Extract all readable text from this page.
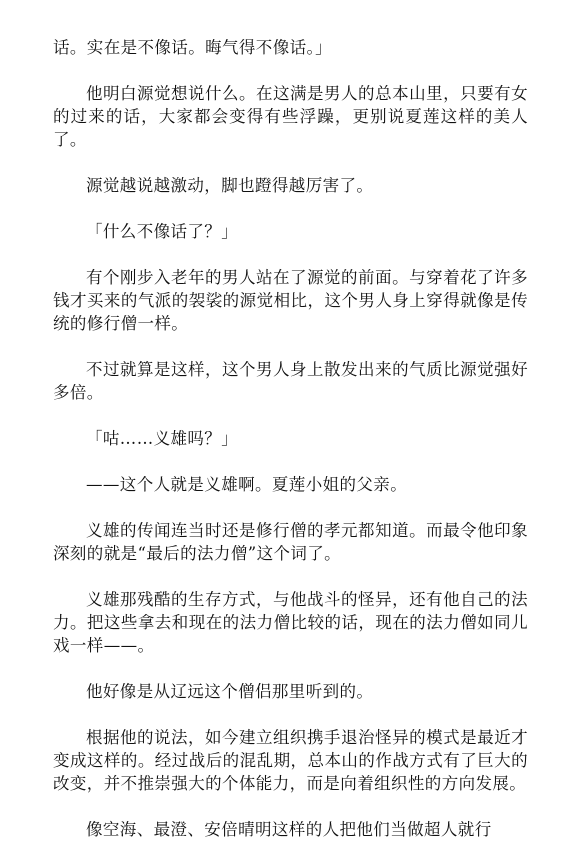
话。实在是不像话。晦气得不像话。」

他明白源觉想说什么。在这满是男人的总本山里，只要有女的过来的话，大家都会变得有些浮躁，更别说夏莲这样的美人了。

源觉越说越激动，脚也蹬得越厉害了。

「什么不像话了？」

有个刚步入老年的男人站在了源觉的前面。与穿着花了许多钱才买来的气派的袈裟的源觉相比，这个男人身上穿得就像是传统的修行僧一样。

不过就算是这样，这个男人身上散发出来的气质比源觉强好多倍。

「咕……义雄吗？」

——这个人就是义雄啊。夏莲小姐的父亲。

义雄的传闻连当时还是修行僧的孝元都知道。而最令他印象深刻的就是“最后的法力僧”这个词了。

义雄那残酷的生存方式，与他战斗的怪异，还有他自己的法力。把这些拿去和现在的法力僧比较的话，现在的法力僧如同儿戏一样——。

他好像是从辽远这个僧侣那里听到的。

根据他的说法，如今建立组织携手退治怪异的模式是最近才变成这样的。经过战后的混乱期，总本山的作战方式有了巨大的改变，并不推崇强大的个体能力，而是向着组织性的方向发展。

像空海、最澄、安倍晴明这样的人把他们当做超人就行
